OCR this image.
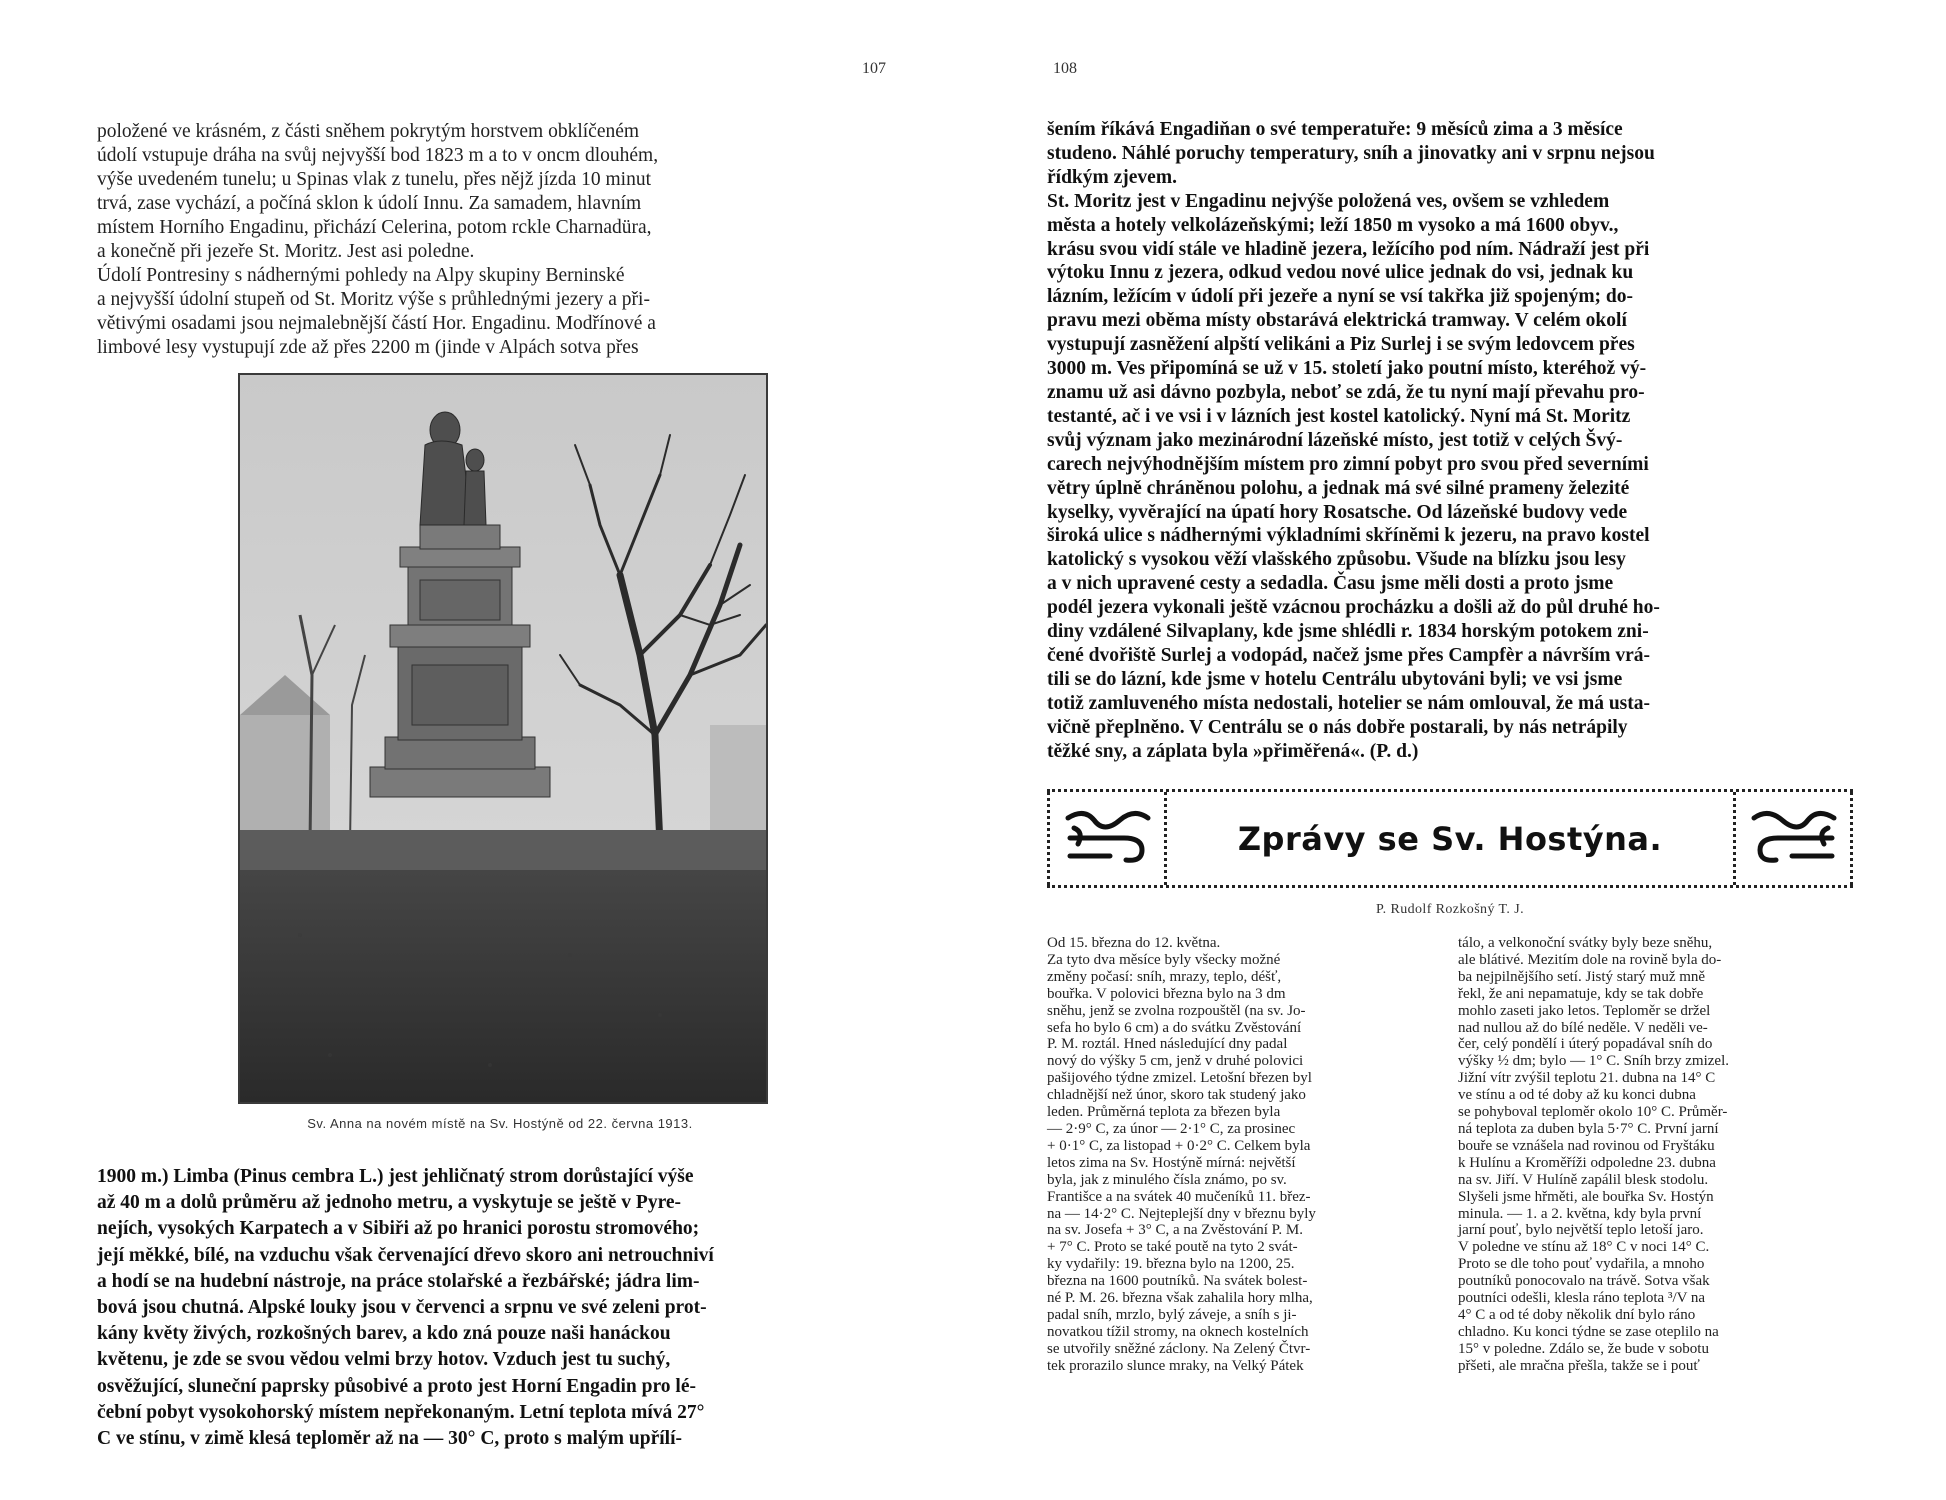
107
položené ve krásném, z části sněhem pokrytým horstvem obklíčeném
údolí vstupuje dráha na svůj nejvyšší bod 1823 m a to v oncm dlouhém,
výše uvedeném tunelu; u Spinas vlak z tunelu, přes nějž jízda 10 minut
trvá, zase vychází, a počíná sklon k údolí Innu. Za samadem, hlavním
místem Horního Engadinu, přichází Celerina, potom rckle Charnadüra,
a konečně při jezeře St. Moritz. Jest asi poledne.
Údolí Pontresiny s nádhernými pohledy na Alpy skupiny Berninské
a nejvyšší údolní stupeň od St. Moritz výše s průhlednými jezery a při-
větivými osadami jsou nejmalebnější částí Hor. Engadinu. Modřínové a
limbové lesy vystupují zde až přes 2200 m (jinde v Alpách sotva přes
Sv. Anna na novém místě na Sv. Hostýně od 22. června 1913.
1900 m.) Limba (Pinus cembra L.) jest jehličnatý strom dorůstající výše
až 40 m a dolů průměru až jednoho metru, a vyskytuje se ještě v Pyre-
nejích, vysokých Karpatech a v Sibiři až po hranici porostu stromového;
její měkké, bílé, na vzduchu však červenající dřevo skoro ani netrouchniví
a hodí se na hudební nástroje, na práce stolařské a řezbářské; jádra lim-
bová jsou chutná. Alpské louky jsou v červenci a srpnu ve své zeleni prot-
kány květy živých, rozkošných barev, a kdo zná pouze naši hanáckou
květenu, je zde se svou vědou velmi brzy hotov. Vzduch jest tu suchý,
osvěžující, sluneční paprsky působivé a proto jest Horní Engadin pro lé-
čební pobyt vysokohorský místem nepřekonaným. Letní teplota mívá 27°
C ve stínu, v zimě klesá teploměr až na — 30° C, proto s malým upřílí-
108
šením říkává Engadiňan o své temperatuře: 9 měsíců zima a 3 měsíce
studeno. Náhlé poruchy temperatury, sníh a jinovatky ani v srpnu nejsou
řídkým zjevem.
St. Moritz jest v Engadinu nejvýše položená ves, ovšem se vzhledem
města a hotely velkolázeňskými; leží 1850 m vysoko a má 1600 obyv.,
krásu svou vidí stále ve hladině jezera, ležícího pod ním. Nádraží jest při
výtoku Innu z jezera, odkud vedou nové ulice jednak do vsi, jednak ku
lázním, ležícím v údolí při jezeře a nyní se vsí takřka již spojeným; do-
pravu mezi oběma místy obstarává elektrická tramway. V celém okolí
vystupují zasněžení alpští velikáni a Piz Surlej i se svým ledovcem přes
3000 m. Ves připomíná se už v 15. století jako poutní místo, kteréhož vý-
znamu už asi dávno pozbyla, neboť se zdá, že tu nyní mají převahu pro-
testanté, ač i ve vsi i v lázních jest kostel katolický. Nyní má St. Moritz
svůj význam jako mezinárodní lázeňské místo, jest totiž v celých Švý-
carech nejvýhodnějším místem pro zimní pobyt pro svou před severními
větry úplně chráněnou polohu, a jednak má své silné prameny železité
kyselky, vyvěrající na úpatí hory Rosatsche. Od lázeňské budovy vede
široká ulice s nádhernými výkladními skříněmi k jezeru, na pravo kostel
katolický s vysokou věží vlašského způsobu. Všude na blízku jsou lesy
a v nich upravené cesty a sedadla. Času jsme měli dosti a proto jsme
podél jezera vykonali ještě vzácnou procházku a došli až do půl druhé ho-
diny vzdálené Silvaplany, kde jsme shlédli r. 1834 horským potokem zni-
čené dvořiště Surlej a vodopád, načež jsme přes Campfèr a návrším vrá-
tili se do lázní, kde jsme v hotelu Centrálu ubytováni byli; ve vsi jsme
totiž zamluveného místa nedostali, hotelier se nám omlouval, že má usta-
vičně přeplněno. V Centrálu se o nás dobře postarali, by nás netrápily
těžké sny, a záplata byla »přiměřená«. (P. d.)
Zprávy se Sv. Hostýna.
P. Rudolf Rozkošný T. J.
Od 15. března do 12. května.
Za tyto dva měsíce byly všecky možné
změny počasí: sníh, mrazy, teplo, déšť,
bouřka. V polovici března bylo na 3 dm
sněhu, jenž se zvolna rozpouštěl (na sv. Jo-
sefa ho bylo 6 cm) a do svátku Zvěstování
P. M. roztál. Hned následující dny padal
nový do výšky 5 cm, jenž v druhé polovici
pašijového týdne zmizel. Letošní březen byl
chladnější než únor, skoro tak studený jako
leden. Průměrná teplota za březen byla
— 2·9° C, za únor — 2·1° C, za prosinec
+ 0·1° C, za listopad + 0·2° C. Celkem byla
letos zima na Sv. Hostýně mírná: největší
byla, jak z minulého čísla známo, po sv.
Františce a na svátek 40 mučeníků 11. břez-
na — 14·2° C. Nejteplejší dny v březnu byly
na sv. Josefa + 3° C, a na Zvěstování P. M.
+ 7° C. Proto se také poutě na tyto 2 svát-
ky vydařily: 19. března bylo na 1200, 25.
března na 1600 poutníků. Na svátek bolest-
né P. M. 26. března však zahalila hory mlha,
padal sníh, mrzlo, bylý záveje, a sníh s ji-
novatkou tížil stromy, na oknech kostelních
se utvořily sněžné záclony. Na Zelený Čtvr-
tek prorazilo slunce mraky, na Velký Pátek
tálo, a velkonoční svátky byly beze sněhu,
ale blátivé. Mezitím dole na rovině byla do-
ba nejpilnějšího setí. Jistý starý muž mně
řekl, že ani nepamatuje, kdy se tak dobře
mohlo zaseti jako letos. Teploměr se držel
nad nullou až do bílé neděle. V neděli ve-
čer, celý pondělí i úterý popadával sníh do
výšky ½ dm; bylo — 1° C. Sníh brzy zmizel.
Jižní vítr zvýšil teplotu 21. dubna na 14° C
ve stínu a od té doby až ku konci dubna
se pohyboval teploměr okolo 10° C. Průměr-
ná teplota za duben byla 5·7° C. První jarní
bouře se vznášela nad rovinou od Fryštáku
k Hulínu a Kroměříži odpoledne 23. dubna
na sv. Jiří. V Hulíně zapálil blesk stodolu.
Slyšeli jsme hřměti, ale bouřka Sv. Hostýn
minula. — 1. a 2. května, kdy byla první
jarní pouť, bylo největší teplo letoší jaro.
V poledne ve stínu až 18° C v noci 14° C.
Proto se dle toho pouť vydařila, a mnoho
poutníků ponocovalo na trávě. Sotva však
poutníci odešli, klesla ráno teplota ³/V na
4° C a od té doby několik dní bylo ráno
chladno. Ku konci týdne se zase oteplilo na
15° v poledne. Zdálo se, že bude v sobotu
přšeti, ale mračna přešla, takže se i pouť
